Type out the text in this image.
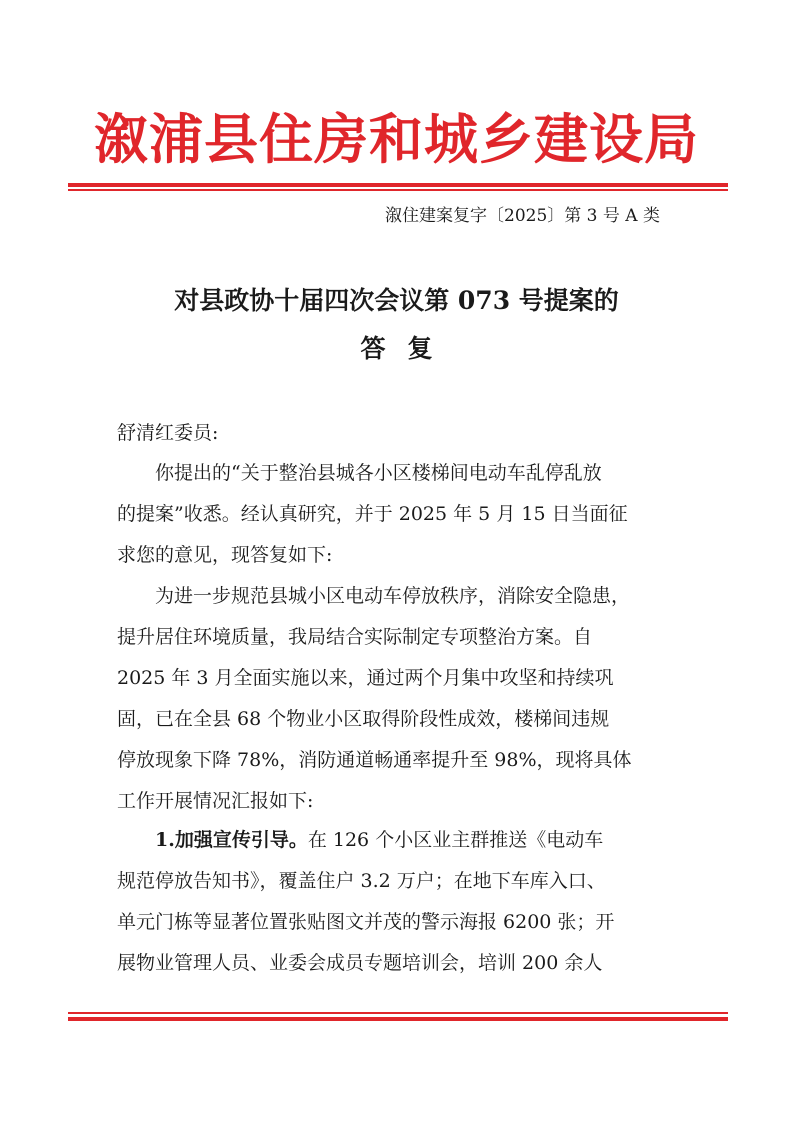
溆浦县住房和城乡建设局
溆住建案复字〔2025〕第 3 号 A 类
对县政协十届四次会议第 073 号提案的
答复
舒清红委员:
你提出的“关于整治县城各小区楼梯间电动车乱停乱放
的提案”收悉。经认真研究，并于 2025 年 5 月 15 日当面征
求您的意见，现答复如下:
为进一步规范县城小区电动车停放秩序，消除安全隐患，
提升居住环境质量，我局结合实际制定专项整治方案。自
2025 年 3 月全面实施以来，通过两个月集中攻坚和持续巩
固，已在全县 68 个物业小区取得阶段性成效，楼梯间违规
停放现象下降 78%，消防通道畅通率提升至 98%，现将具体
工作开展情况汇报如下:
1.加强宣传引导。在 126 个小区业主群推送《电动车
规范停放告知书》，覆盖住户 3.2 万户；在地下车库入口、
单元门栋等显著位置张贴图文并茂的警示海报 6200 张；开
展物业管理人员、业委会成员专题培训会，培训 200 余人
